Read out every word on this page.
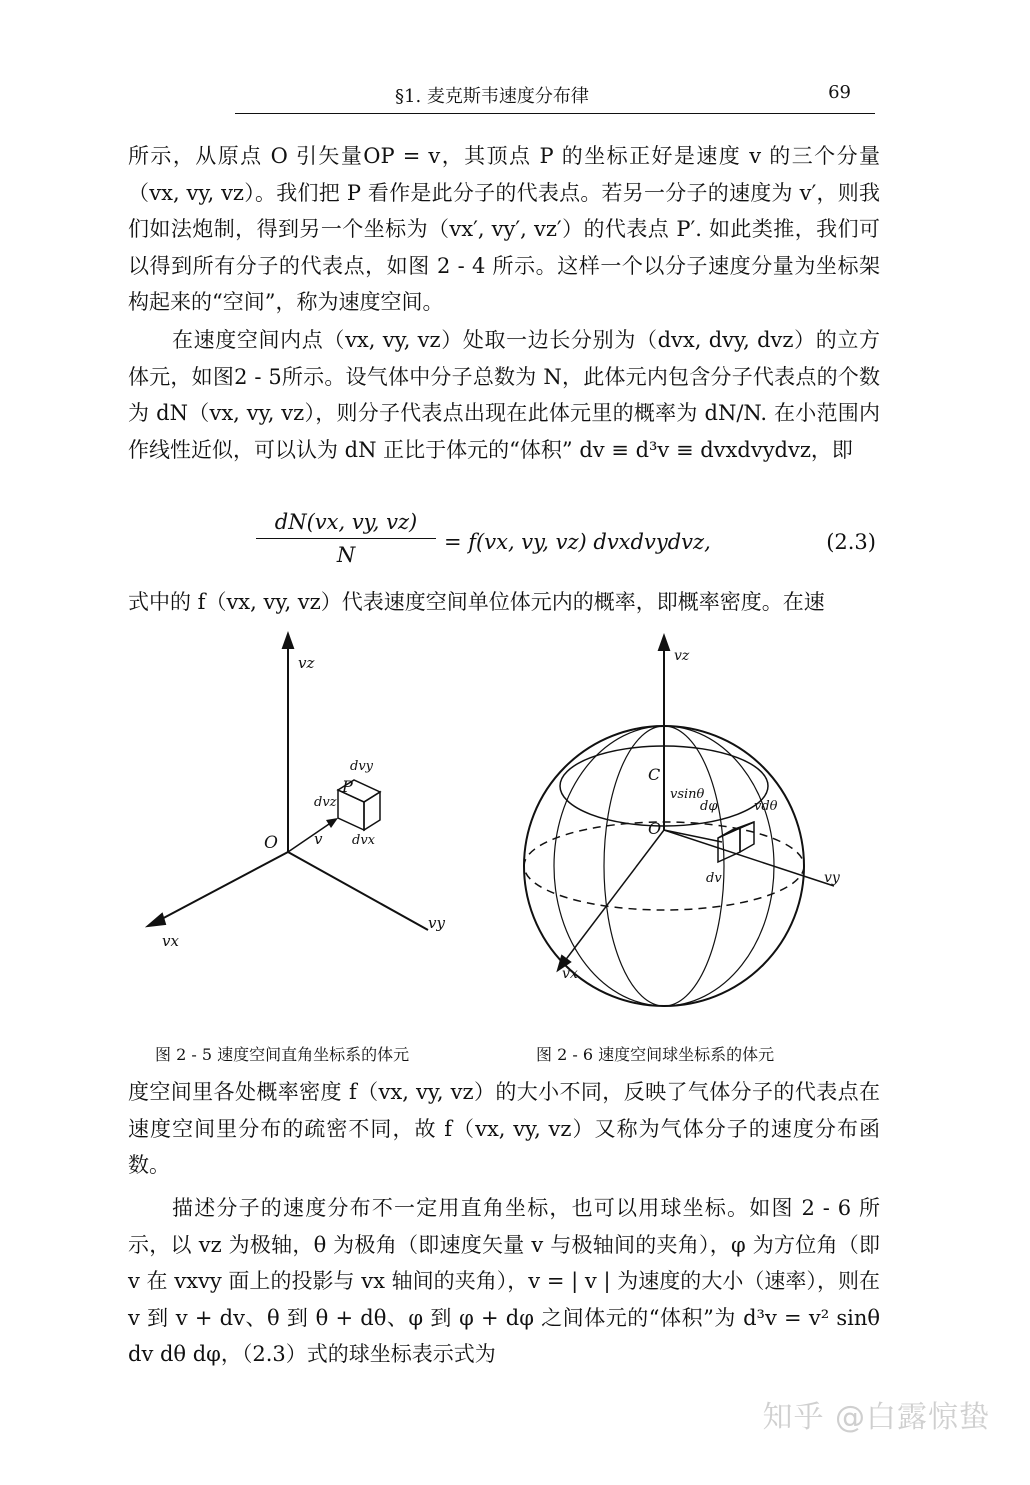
§1. 麦克斯韦速度分布律	69
所示，从原点 O 引矢量OP = v，其顶点 P 的坐标正好是速度 v 的三个分量（vx, vy, vz）。我们把 P 看作是此分子的代表点。若另一分子的速度为 v′，则我们如法炮制，得到另一个坐标为（vx′, vy′, vz′）的代表点 P′. 如此类推，我们可以得到所有分子的代表点，如图 2 - 4 所示。这样一个以分子速度分量为坐标架构起来的“空间”，称为速度空间。
在速度空间内点（vx, vy, vz）处取一边长分别为（dvx, dvy, dvz）的立方体元，如图2 - 5所示。设气体中分子总数为 N，此体元内包含分子代表点的个数为 dN（vx, vy, vz），则分子代表点出现在此体元里的概率为 dN/N. 在小范围内作线性近似，可以认为 dN 正比于体元的“体积” dv ≡ d³v ≡ dvxdvydvz，即
$\frac{dN(vx, vy, vz)}{N} = f(vx$, vy, vz) dvxdvydvz,	(2.3)
式中的 f（vx, vy, vz）代表速度空间单位体元内的概率，即概率密度。在速
vz
vx
vy
O
P
v
dvz
dvy
dvx
vz
vy
vx
C
O
vsinθ
dφ	vdθ
dv
图 2 - 5 速度空间直角坐标系的体元	图 2 - 6 速度空间球坐标系的体元
度空间里各处概率密度 f（vx, vy, vz）的大小不同，反映了气体分子的代表点在速度空间里分布的疏密不同，故 f（vx, vy, vz）又称为气体分子的速度分布函数。
描述分子的速度分布不一定用直角坐标，也可以用球坐标。如图 2 - 6 所示，以 vz 为极轴，θ 为极角（即速度矢量 v 与极轴间的夹角），φ 为方位角（即 v 在 vxvy 面上的投影与 vx 轴间的夹角），v = | v | 为速度的大小（速率），则在 v 到 v + dv、θ 到 θ + dθ、φ 到 φ + dφ 之间体元的“体积”为 d³v = v² sinθ dv dθ dφ，（2.3）式的球坐标表示式为
知乎 @白露惊蛰
